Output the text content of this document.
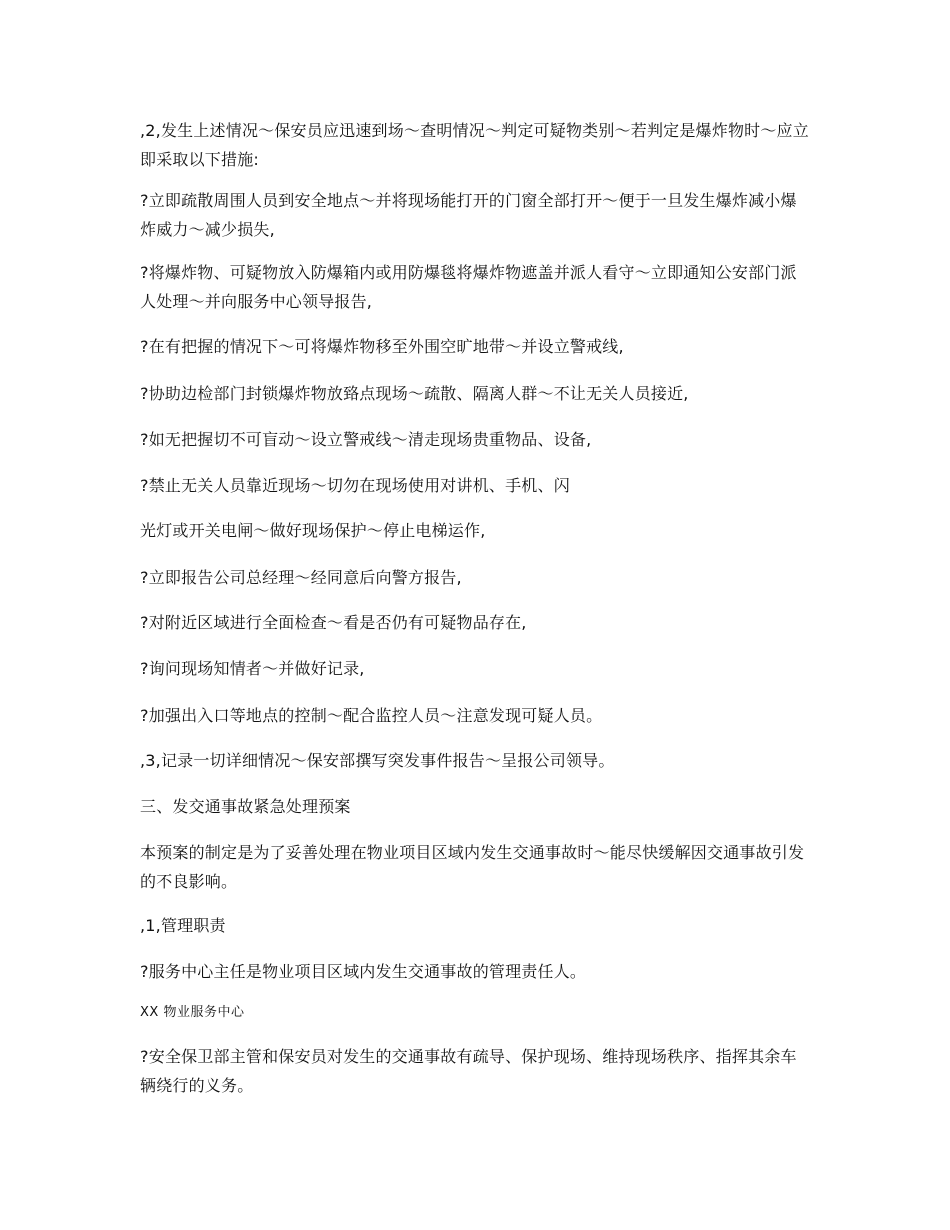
,2,发生上述情况～保安员应迅速到场～查明情况～判定可疑物类别～若判定是爆炸物时～应立即采取以下措施:

?立即疏散周围人员到安全地点～并将现场能打开的门窗全部打开～便于一旦发生爆炸减小爆炸威力～减少损失,

?将爆炸物、可疑物放入防爆箱内或用防爆毯将爆炸物遮盖并派人看守～立即通知公安部门派人处理～并向服务中心领导报告,

?在有把握的情况下～可将爆炸物移至外围空旷地带～并设立警戒线,

?协助边检部门封锁爆炸物放臵点现场～疏散、隔离人群～不让无关人员接近,

?如无把握切不可盲动～设立警戒线～清走现场贵重物品、设备,

?禁止无关人员靠近现场～切勿在现场使用对讲机、手机、闪

光灯或开关电闸～做好现场保护～停止电梯运作,

?立即报告公司总经理～经同意后向警方报告,

?对附近区域进行全面检查～看是否仍有可疑物品存在,

?询问现场知情者～并做好记录,

?加强出入口等地点的控制～配合监控人员～注意发现可疑人员。

,3,记录一切详细情况～保安部撰写突发事件报告～呈报公司领导。

三、发交通事故紧急处理预案

本预案的制定是为了妥善处理在物业项目区域内发生交通事故时～能尽快缓解因交通事故引发的不良影响。

,1,管理职责

?服务中心主任是物业项目区域内发生交通事故的管理责任人。

XX 物业服务中心

?安全保卫部主管和保安员对发生的交通事故有疏导、保护现场、维持现场秩序、指挥其余车辆绕行的义务。
